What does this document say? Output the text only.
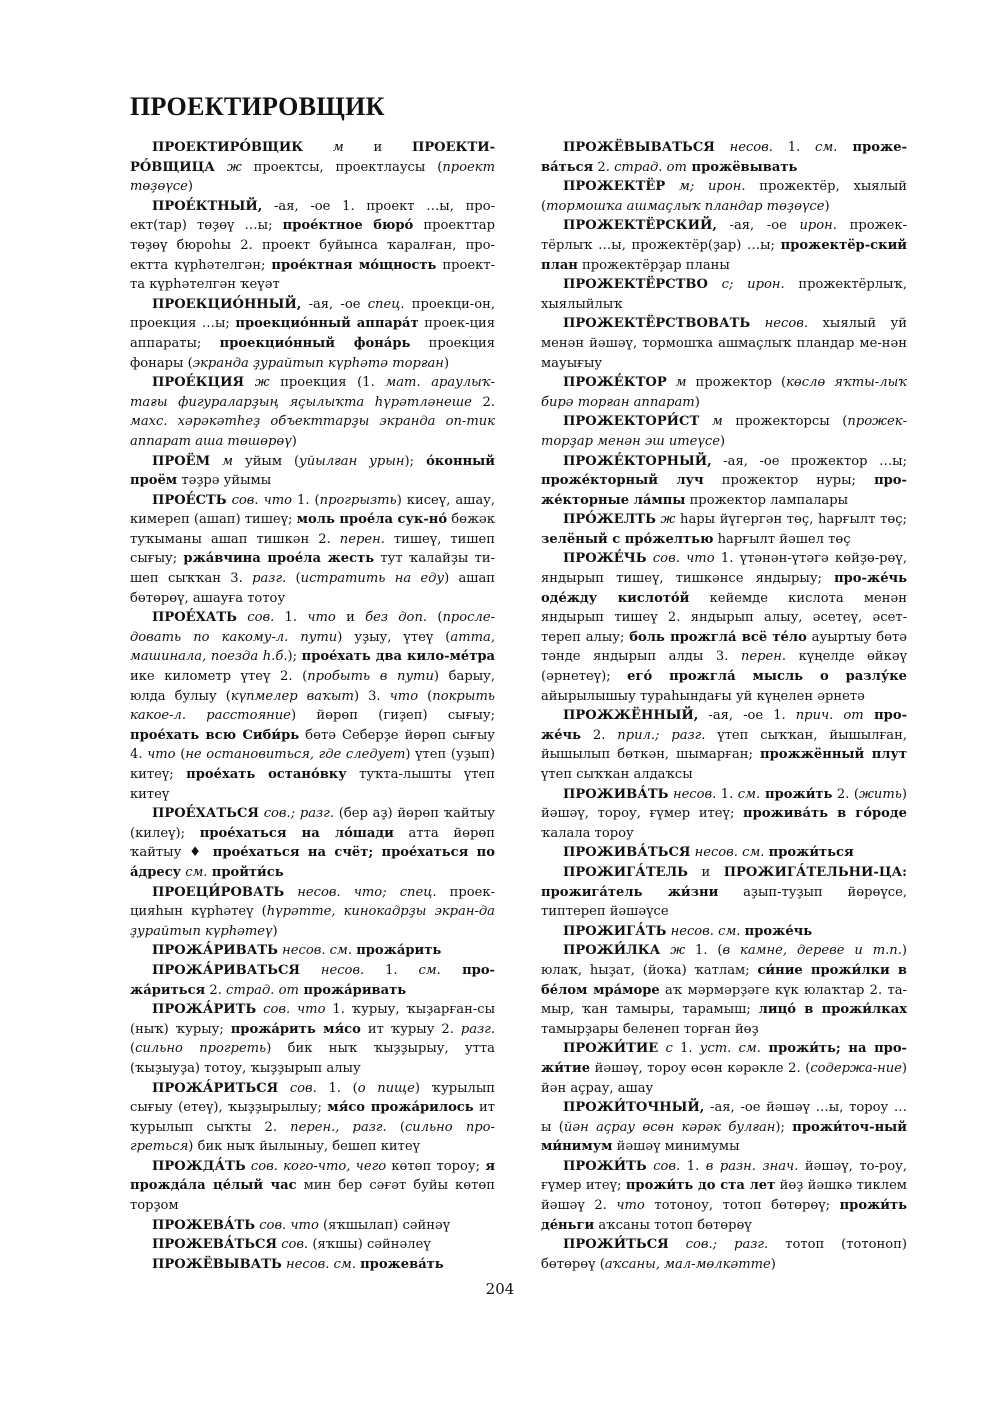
ПРОЕКТИРОВЩИК

ПРОЕКТИРО́ВЩИК м и ПРОЕКТИ-РО́ВЩИЦА ж проектсы, проектлаусы (проект төҙөүсе)

ПРОЕ́КТНЫЙ, -ая, -ое 1. проект …ы, про-ект(тар) төҙөү …ы; прое́ктное бюро́ проекттар төҙөү бюроһы 2. проект буйынса ҡаралған, про-ектта күрһәтелгән; прое́ктная мо́щность проект-та күрһәтелгән ҡеүәт

ПРОЕКЦИО́ННЫЙ, -ая, -ое спец. проекци-он, проекция …ы; проекцио́нный аппара́т проек-ция аппараты; проекцио́нный фона́рь проекция фонары (экранда ҙурайтып күрһәтә торған)

ПРОЕ́КЦИЯ ж проекция (1. мат. араулыҡ-тағы фигураларҙың яҫылыҡта һүрәтләнеше 2. махс. хәрәкәтһеҙ объекттарҙы экранда оп-тик аппарат аша төшөрөү)

ПРОЁМ м уйым (уйылған урын); о́конный проём тәҙрә уйымы

ПРОЕ́СТЬ сов. что 1. (прогрызть) кисеү, ашау, кимереп (ашап) тишеү; моль прое́ла сук-но́ бөжәк туҡыманы ашап тишкән 2. перен. тишеү, тишеп сығыу; ржа́вчина прое́ла жесть тут ҡалайҙы ти-шеп сыҡҡан 3. разг. (истратить на еду) ашап бөтөрөү, ашауға тотоу

ПРОЕ́ХАТЬ сов. 1. что и без доп. (просле-довать по какому-л. пути) уҙыу, үтеү (атта, машинала, поезда һ.б.); прое́хать два кило-ме́тра ике километр үтеү 2. (пробыть в пути) барыу, юлда булыу (күпмелер ваҡыт) 3. что (покрыть какое-л. расстояние) йөрөп (гиҙеп) сығыу; прое́хать всю Сиби́рь бөтә Себерҙе йөрөп сығыу 4. что (не остановиться, где следует) үтеп (уҙып) китеү; прое́хать остано́вку туҡта-лышты үтеп китеү

ПРОЕ́ХАТЬСЯ сов.; разг. (бер аҙ) йөрөп ҡайтыу (килеү); прое́хаться на ло́шади атта йөрөп ҡайтыу ♦ прое́хаться на счёт; прое́хаться по а́дресу см. пройти́сь

ПРОЕЦИ́РОВАТЬ несов. что; спец. проек-цияһын күрһәтеү (һүрәтте, кинокадрҙы экран-да ҙурайтып күрһәтеү)

ПРОЖА́РИВАТЬ несов. см. прожа́рить

ПРОЖА́РИВАТЬСЯ несов. 1. см. про-жа́риться 2. страд. от прожа́ривать

ПРОЖА́РИТЬ сов. что 1. ҡурыу, ҡыҙарған-сы (ныҡ) ҡурыу; прожа́рить мя́со ит ҡурыу 2. разг. (сильно прогреть) бик ныҡ ҡыҙҙырыу, утта (ҡыҙыуҙа) тотоу, ҡыҙҙырып алыу

ПРОЖА́РИТЬСЯ сов. 1. (о пище) ҡурылып сығыу (етеү), ҡыҙҙырылыу; мя́со прожа́рилось ит ҡурылып сыҡты 2. перен., разг. (сильно про-греться) бик ныҡ йылыныу, бешеп китеү

ПРОЖДА́ТЬ сов. кого-что, чего көтөп тороу; я прожда́ла це́лый час мин бер сәғәт буйы көтөп торҙом

ПРОЖЕВА́ТЬ сов. что (яҡшылап) сәйнәү

ПРОЖЕВА́ТЬСЯ сов. (яҡшы) сәйнәлеү

ПРОЖЁВЫВАТЬ несов. см. прожева́ть

ПРОЖЁВЫВАТЬСЯ несов. 1. см. проже-ва́ться 2. страд. от прожёвывать

ПРОЖЕКТЁР м; ирон. прожектёр, хыялый (тормошҡа ашмаҫлыҡ пландар төҙөүсе)

ПРОЖЕКТЁРСКИЙ, -ая, -ое ирон. прожек-тёрлыҡ …ы, прожектёр(ҙар) …ы; прожектёр-ский план прожектёрҙар планы

ПРОЖЕКТЁРСТВО с; ирон. прожектёрлыҡ, хыялыйлыҡ

ПРОЖЕКТЁРСТВОВАТЬ несов. хыялый уй менән йәшәү, тормошҡа ашмаҫлыҡ пландар ме-нән мауығыу

ПРОЖЕ́КТОР м прожектор (көслө яҡты-лыҡ бирә торған аппарат)

ПРОЖЕКТОРИ́СТ м прожекторсы (прожек-торҙар менән эш итеүсе)

ПРОЖЕ́КТОРНЫЙ, -ая, -ое прожектор …ы; проже́кторный луч прожектор нуры; про-же́кторные ла́мпы прожектор лампалары

ПРО́ЖЕЛТЬ ж һары йүгергән төҫ, һарғылт төҫ; зелёный с про́желтью һарғылт йәшел төҫ

ПРОЖЕ́ЧЬ сов. что 1. үтәнән-үтәгә көйҙө-рөү, яндырып тишеү, тишкәнсе яндырыу; про-же́чь оде́жду кислото́й кейемде кислота менән яндырып тишеү 2. яндырып алыу, әсетеү, әсет-тереп алыу; боль прожгла́ всё те́ло ауыртыу бөтә тәнде яндырып алды 3. перен. күңелде өйкәү (әрнетеү); его́ прожгла́ мысль о разлу́ке айырылышыу тураһындағы уй күңелен әрнетә

ПРОЖЖЁННЫЙ, -ая, -ое 1. прич. от про-же́чь 2. прил.; разг. үтеп сыҡҡан, йышылған, йышылып бөткән, шымарған; прожжённый плут үтеп сыҡҡан алдаҡсы

ПРОЖИВА́ТЬ несов. 1. см. прожи́ть 2. (жить) йәшәү, тороу, ғүмер итеү; прожива́ть в го́роде ҡалала тороу

ПРОЖИВА́ТЬСЯ несов. см. прожи́ться

ПРОЖИГА́ТЕЛЬ и ПРОЖИГА́ТЕЛЬНИ-ЦА: прожига́тель жи́зни аҙып-туҙып йөрөүсе, типтереп йәшәүсе

ПРОЖИГА́ТЬ несов. см. проже́чь

ПРОЖИ́ЛКА ж 1. (в камне, дереве и т.п.) юлаҡ, һыҙат, (йоҡа) ҡатлам; си́ние прожи́лки в бе́лом мра́море аҡ мәрмәрҙәге күк юлаҡтар 2. та-мыр, ҡан тамыры, тарамыш; лицо́ в прожи́лках тамырҙары беленеп торған йөҙ

ПРОЖИ́ТИЕ с 1. уст. см. прожи́ть; на про-жи́тие йәшәү, тороу өсөн кәрәкле 2. (содержа-ние) йән аҫрау, ашау

ПРОЖИ́ТОЧНЫЙ, -ая, -ое йәшәү …ы, тороу …ы (йән аҫрау өсөн кәрәк булған); прожи́точ-ный ми́нимум йәшәү минимумы

ПРОЖИ́ТЬ сов. 1. в разн. знач. йәшәү, то-роу, ғүмер итеү; прожи́ть до ста лет йөҙ йәшкә тиклем йәшәү 2. что тотоноу, тотоп бөтөрөү; прожи́ть де́ньги аҡсаны тотоп бөтөрөү

ПРОЖИ́ТЬСЯ сов.; разг. тотоп (тотоноп) бөтөрөү (аҡсаны, мал-мөлкәтте)

204
